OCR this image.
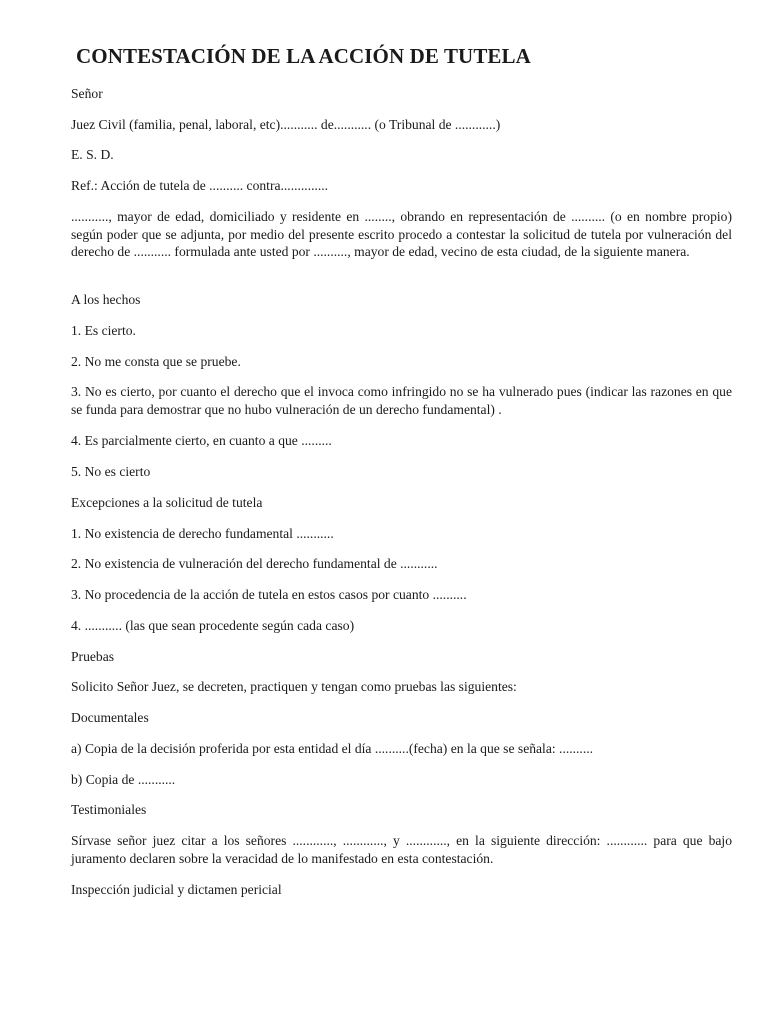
CONTESTACIÓN DE LA ACCIÓN DE TUTELA

Señor

Juez Civil (familia, penal, laboral, etc)........... de........... (o Tribunal de ............)

E. S. D.

Ref.: Acción de tutela de .......... contra..............

..........., mayor de edad, domiciliado y residente en ........, obrando en representación de .......... (o en nombre propio) según poder que se adjunta, por medio del presente escrito procedo a contestar la solicitud de tutela por vulneración del derecho de ........... formulada ante usted por .........., mayor de edad, vecino de esta ciudad, de la siguiente manera.

A los hechos

1. Es cierto.

2. No me consta que se pruebe.

3. No es cierto, por cuanto el derecho que el invoca como infringido no se ha vulnerado pues (indicar las razones en que se funda para demostrar que no hubo vulneración de un derecho fundamental) .

4. Es parcialmente cierto, en cuanto a que .........

5. No es cierto

Excepciones a la solicitud de tutela

1. No existencia de derecho fundamental ...........

2. No existencia de vulneración del derecho fundamental de ...........

3. No procedencia de la acción de tutela en estos casos por cuanto ..........

4. ........... (las que sean procedente según cada caso)

Pruebas

Solicito Señor Juez, se decreten, practiquen y tengan como pruebas las siguientes:

Documentales

a) Copia de la decisión proferida por esta entidad el día ..........(fecha) en la que se señala: ..........

b) Copia de ...........

Testimoniales

Sírvase señor juez citar a los señores ............, ............, y ............, en la siguiente dirección: ............ para que bajo juramento declaren sobre la veracidad de lo manifestado en esta contestación.

Inspección judicial y dictamen pericial
